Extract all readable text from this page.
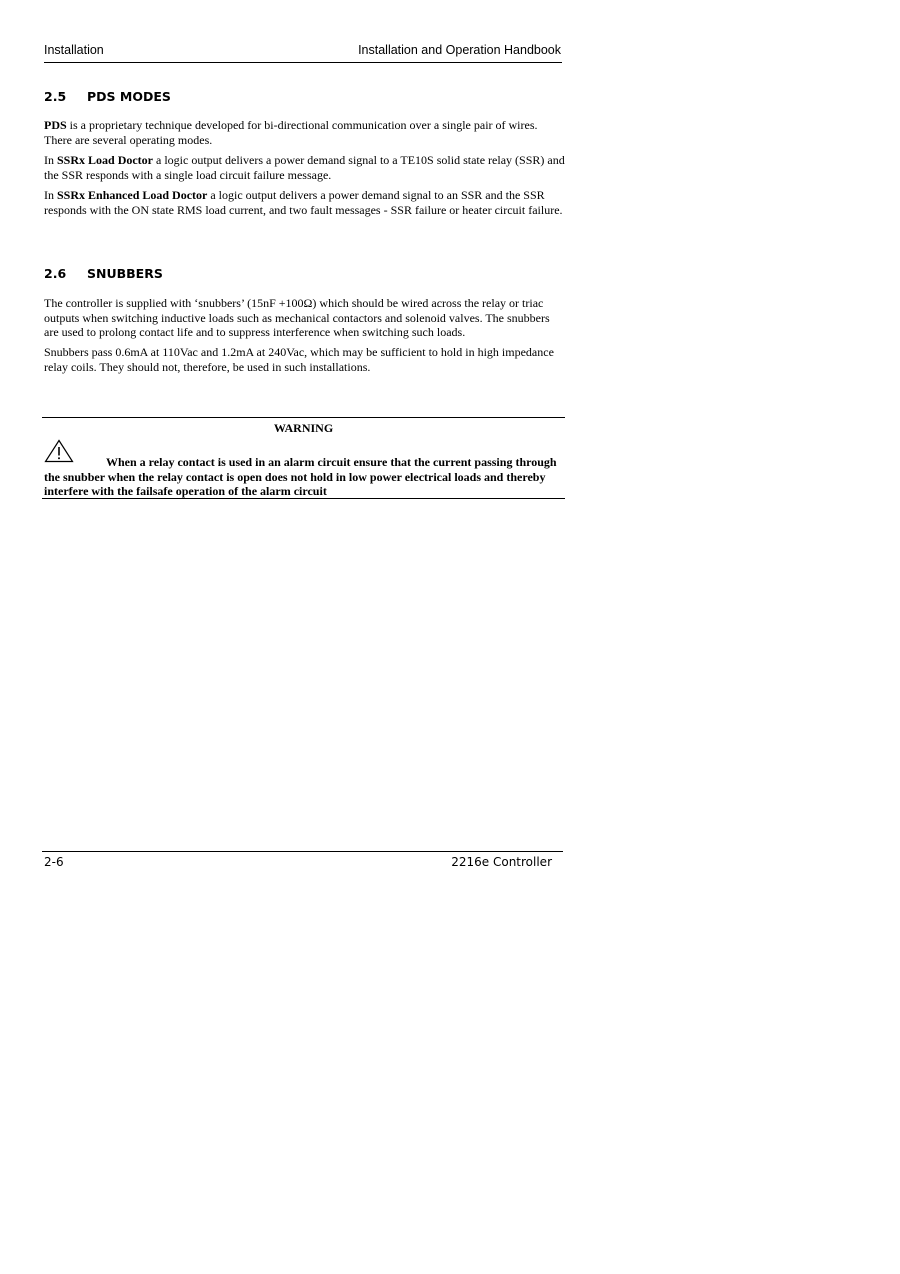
Installation	Installation and Operation Handbook
2.5 PDS MODES
PDS is a proprietary technique developed for bi-directional communication over a single pair of wires. There are several operating modes.
In SSRx Load Doctor a logic output delivers a power demand signal to a TE10S solid state relay (SSR) and the SSR responds with a single load circuit failure message.
In SSRx Enhanced Load Doctor a logic output delivers a power demand signal to an SSR and the SSR responds with the ON state RMS load current, and two fault messages - SSR failure or heater circuit failure.
2.6 SNUBBERS
The controller is supplied with ‘snubbers’ (15nF +100Ω) which should be wired across the relay or triac outputs when switching inductive loads such as mechanical contactors and solenoid valves. The snubbers are used to prolong contact life and to suppress interference when switching such loads.
Snubbers pass 0.6mA at 110Vac and 1.2mA at 240Vac, which may be sufficient to hold in high impedance relay coils. They should not, therefore, be used in such installations.
WARNING
When a relay contact is used in an alarm circuit ensure that the current passing through the snubber when the relay contact is open does not hold in low power electrical loads and thereby interfere with the failsafe operation of the alarm circuit
2-6	2216e Controller
